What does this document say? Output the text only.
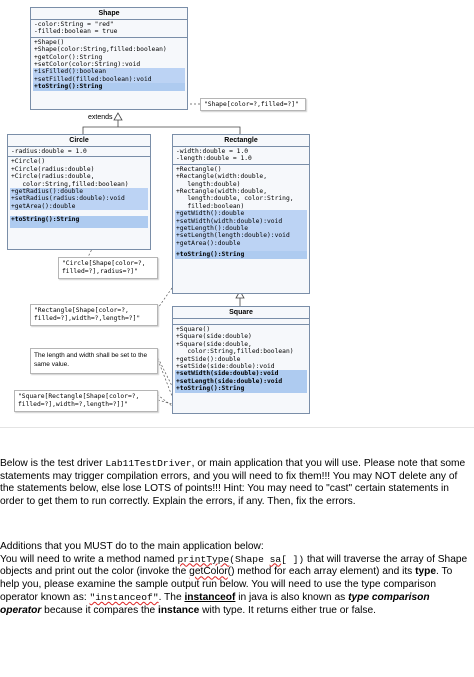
Shape
-color:String = "red"
-filled:boolean = true
+Shape()
+Shape(color:String,filled:boolean)
+getColor():String
+setColor(color:String):void
+isFilled():boolean
+setFilled(filled:boolean):void
+toString():String
"Shape[color=?,filled=?]"
extends
Circle
-radius:double = 1.0
+Circle()
+Circle(radius:double)
+Circle(radius:double,
color:String,filled:boolean)
+getRadius():double
+setRadius(radius:double):void
+getArea():double
+toString():String
"Circle[Shape[color=?,
filled=?],radius=?]"
Rectangle
-width:double = 1.0
-length:double = 1.0
+Rectangle()
+Rectangle(width:double,
length:double)
+Rectangle(width:double,
length:double, color:String,
filled:boolean)
+getWidth():double
+setWidth(width:double):void
+getLength():double
+setLength(length:double):void
+getArea():double
+toString():String
"Rectangle[Shape[color=?,
filled=?],width=?,length=?]"
The length and width shall be set to the same value.
"Square[Rectangle[Shape[color=?,
filled=?],width=?,length=?]]"
Square
+Square()
+Square(side:double)
+Square(side:double,
color:String,filled:boolean)
+getSide():double
+setSide(side:double):void
+setWidth(side:double):void
+setLength(side:double):void
+toString():String
Below is the test driver Lab11TestDriver, or main application that you will use. Please note that some statements may trigger compilation errors, and you will need to fix them!!! You may NOT delete any of the statements below, else lose LOTS of points!!! Hint: You may need to "cast" certain statements in order to get them to run correctly. Explain the errors, if any. Then, fix the errors.
Additions that you MUST do to the main application below:
You will need to write a method named printType(Shape sa[ ]) that will traverse the array of Shape objects and print out the color (invoke the getColor() method for each array element) and its type. To help you, please examine the sample output run below. You will need to use the type comparison operator known as: "instanceof". The instanceof in java is also known as type comparison operator because it compares the instance with type. It returns either true or false.
